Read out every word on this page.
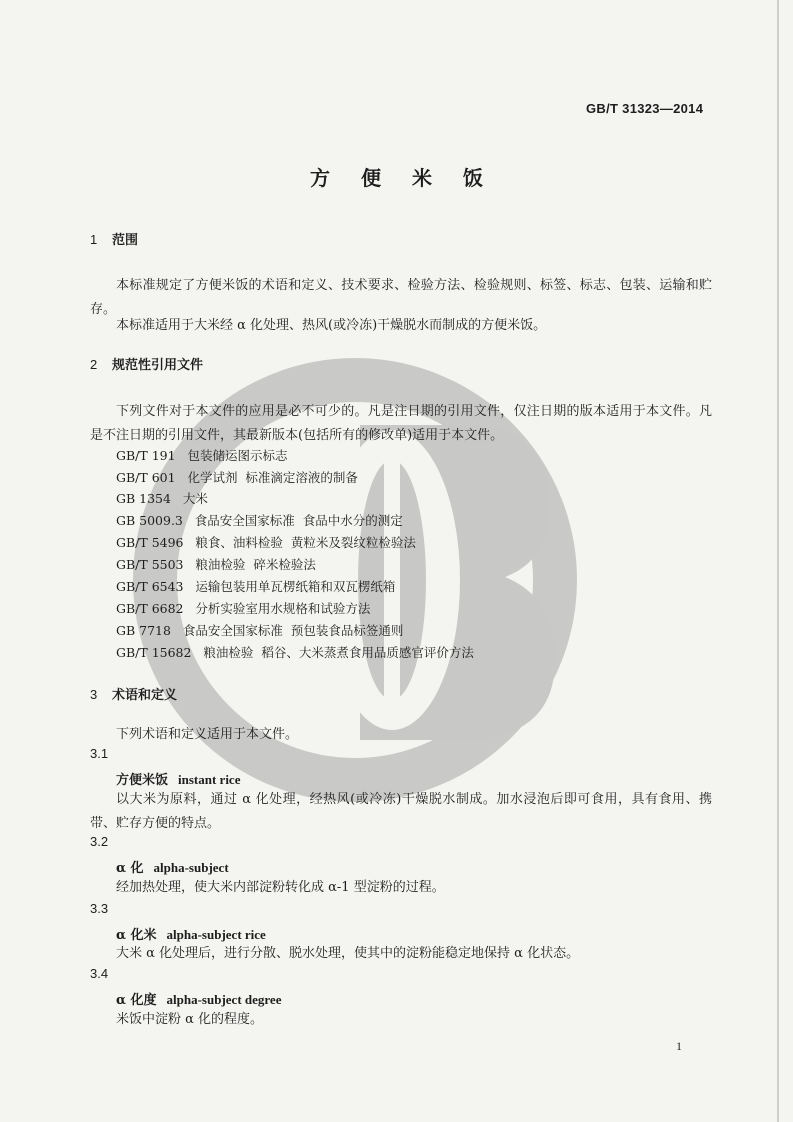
GB/T 31323—2014
方 便 米 饭
1 范围
本标准规定了方便米饭的术语和定义、技术要求、检验方法、检验规则、标签、标志、包装、运输和贮存。
本标准适用于大米经 α 化处理、热风(或冷冻)干燥脱水而制成的方便米饭。
2 规范性引用文件
下列文件对于本文件的应用是必不可少的。凡是注日期的引用文件，仅注日期的版本适用于本文件。凡是不注日期的引用文件，其最新版本(包括所有的修改单)适用于本文件。
GB/T 191   包装储运图示标志
GB/T 601   化学试剂  标准滴定溶液的制备
GB 1354   大米
GB 5009.3   食品安全国家标准  食品中水分的测定
GB/T 5496   粮食、油料检验  黄粒米及裂纹粒检验法
GB/T 5503   粮油检验  碎米检验法
GB/T 6543   运输包装用单瓦楞纸箱和双瓦楞纸箱
GB/T 6682   分析实验室用水规格和试验方法
GB 7718   食品安全国家标准  预包装食品标签通则
GB/T 15682   粮油检验  稻谷、大米蒸煮食用品质感官评价方法
3 术语和定义
下列术语和定义适用于本文件。
3.1
方便米饭 instant rice
以大米为原料，通过 α 化处理，经热风(或冷冻)干燥脱水制成。加水浸泡后即可食用，具有食用、携带、贮存方便的特点。
3.2
α 化 alpha-subject
经加热处理，使大米内部淀粉转化成 α-1 型淀粉的过程。
3.3
α 化米 alpha-subject rice
大米 α 化处理后，进行分散、脱水处理，使其中的淀粉能稳定地保持 α 化状态。
3.4
α 化度 alpha-subject degree
米饭中淀粉 α 化的程度。
1
